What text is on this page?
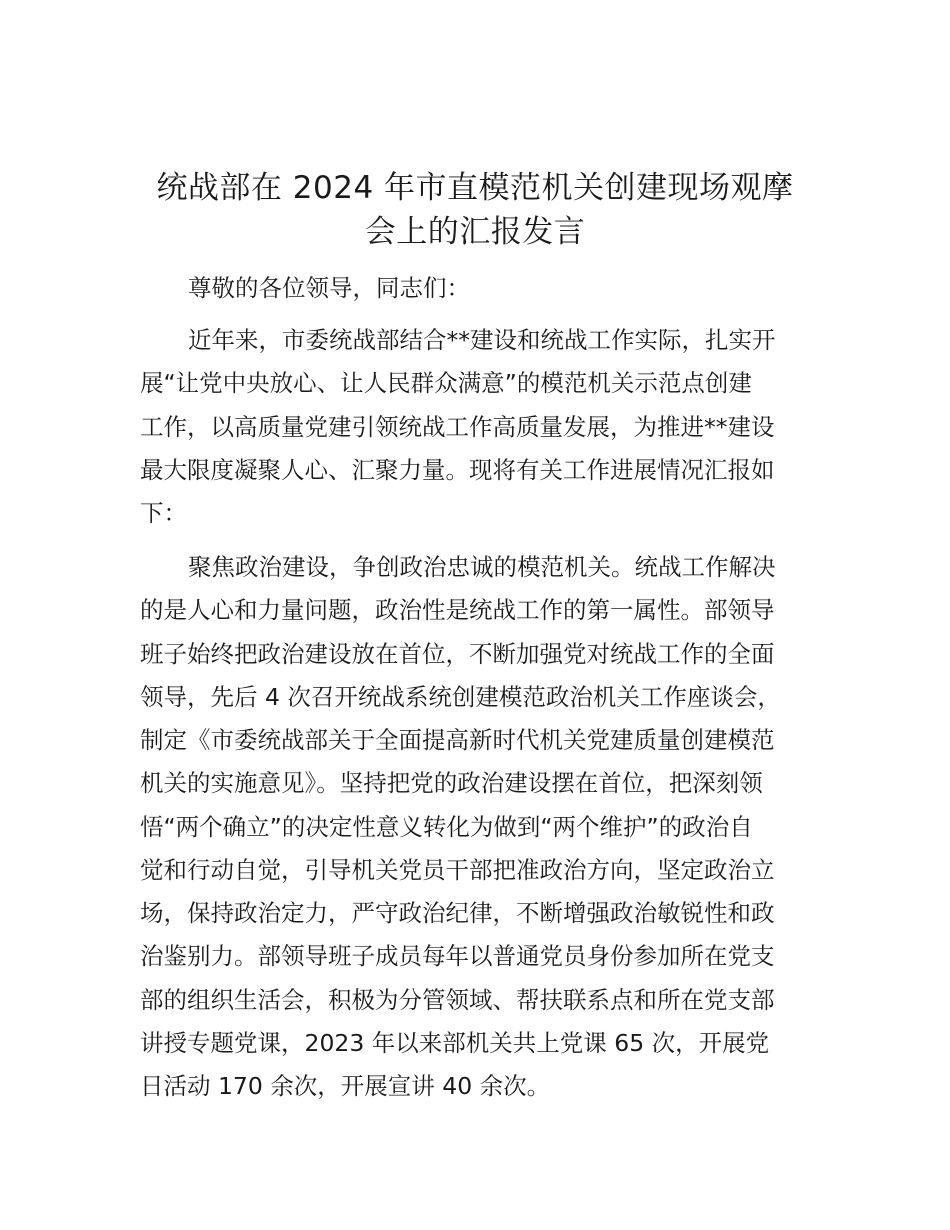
统战部在 2024 年市直模范机关创建现场观摩
会上的汇报发言

尊敬的各位领导，同志们：

近年来，市委统战部结合**建设和统战工作实际，扎实开

展“让党中央放心、让人民群众满意”的模范机关示范点创建

工作，以高质量党建引领统战工作高质量发展，为推进**建设

最大限度凝聚人心、汇聚力量。现将有关工作进展情况汇报如

下：

聚焦政治建设，争创政治忠诚的模范机关。统战工作解决

的是人心和力量问题，政治性是统战工作的第一属性。部领导

班子始终把政治建设放在首位，不断加强党对统战工作的全面

领导，先后 4 次召开统战系统创建模范政治机关工作座谈会，

制定《市委统战部关于全面提高新时代机关党建质量创建模范

机关的实施意见》。坚持把党的政治建设摆在首位，把深刻领

悟“两个确立”的决定性意义转化为做到“两个维护”的政治自

觉和行动自觉，引导机关党员干部把准政治方向，坚定政治立

场，保持政治定力，严守政治纪律，不断增强政治敏锐性和政

治鉴别力。部领导班子成员每年以普通党员身份参加所在党支

部的组织生活会，积极为分管领域、帮扶联系点和所在党支部

讲授专题党课，2023 年以来部机关共上党课 65 次，开展党

日活动 170 余次，开展宣讲 40 余次。
